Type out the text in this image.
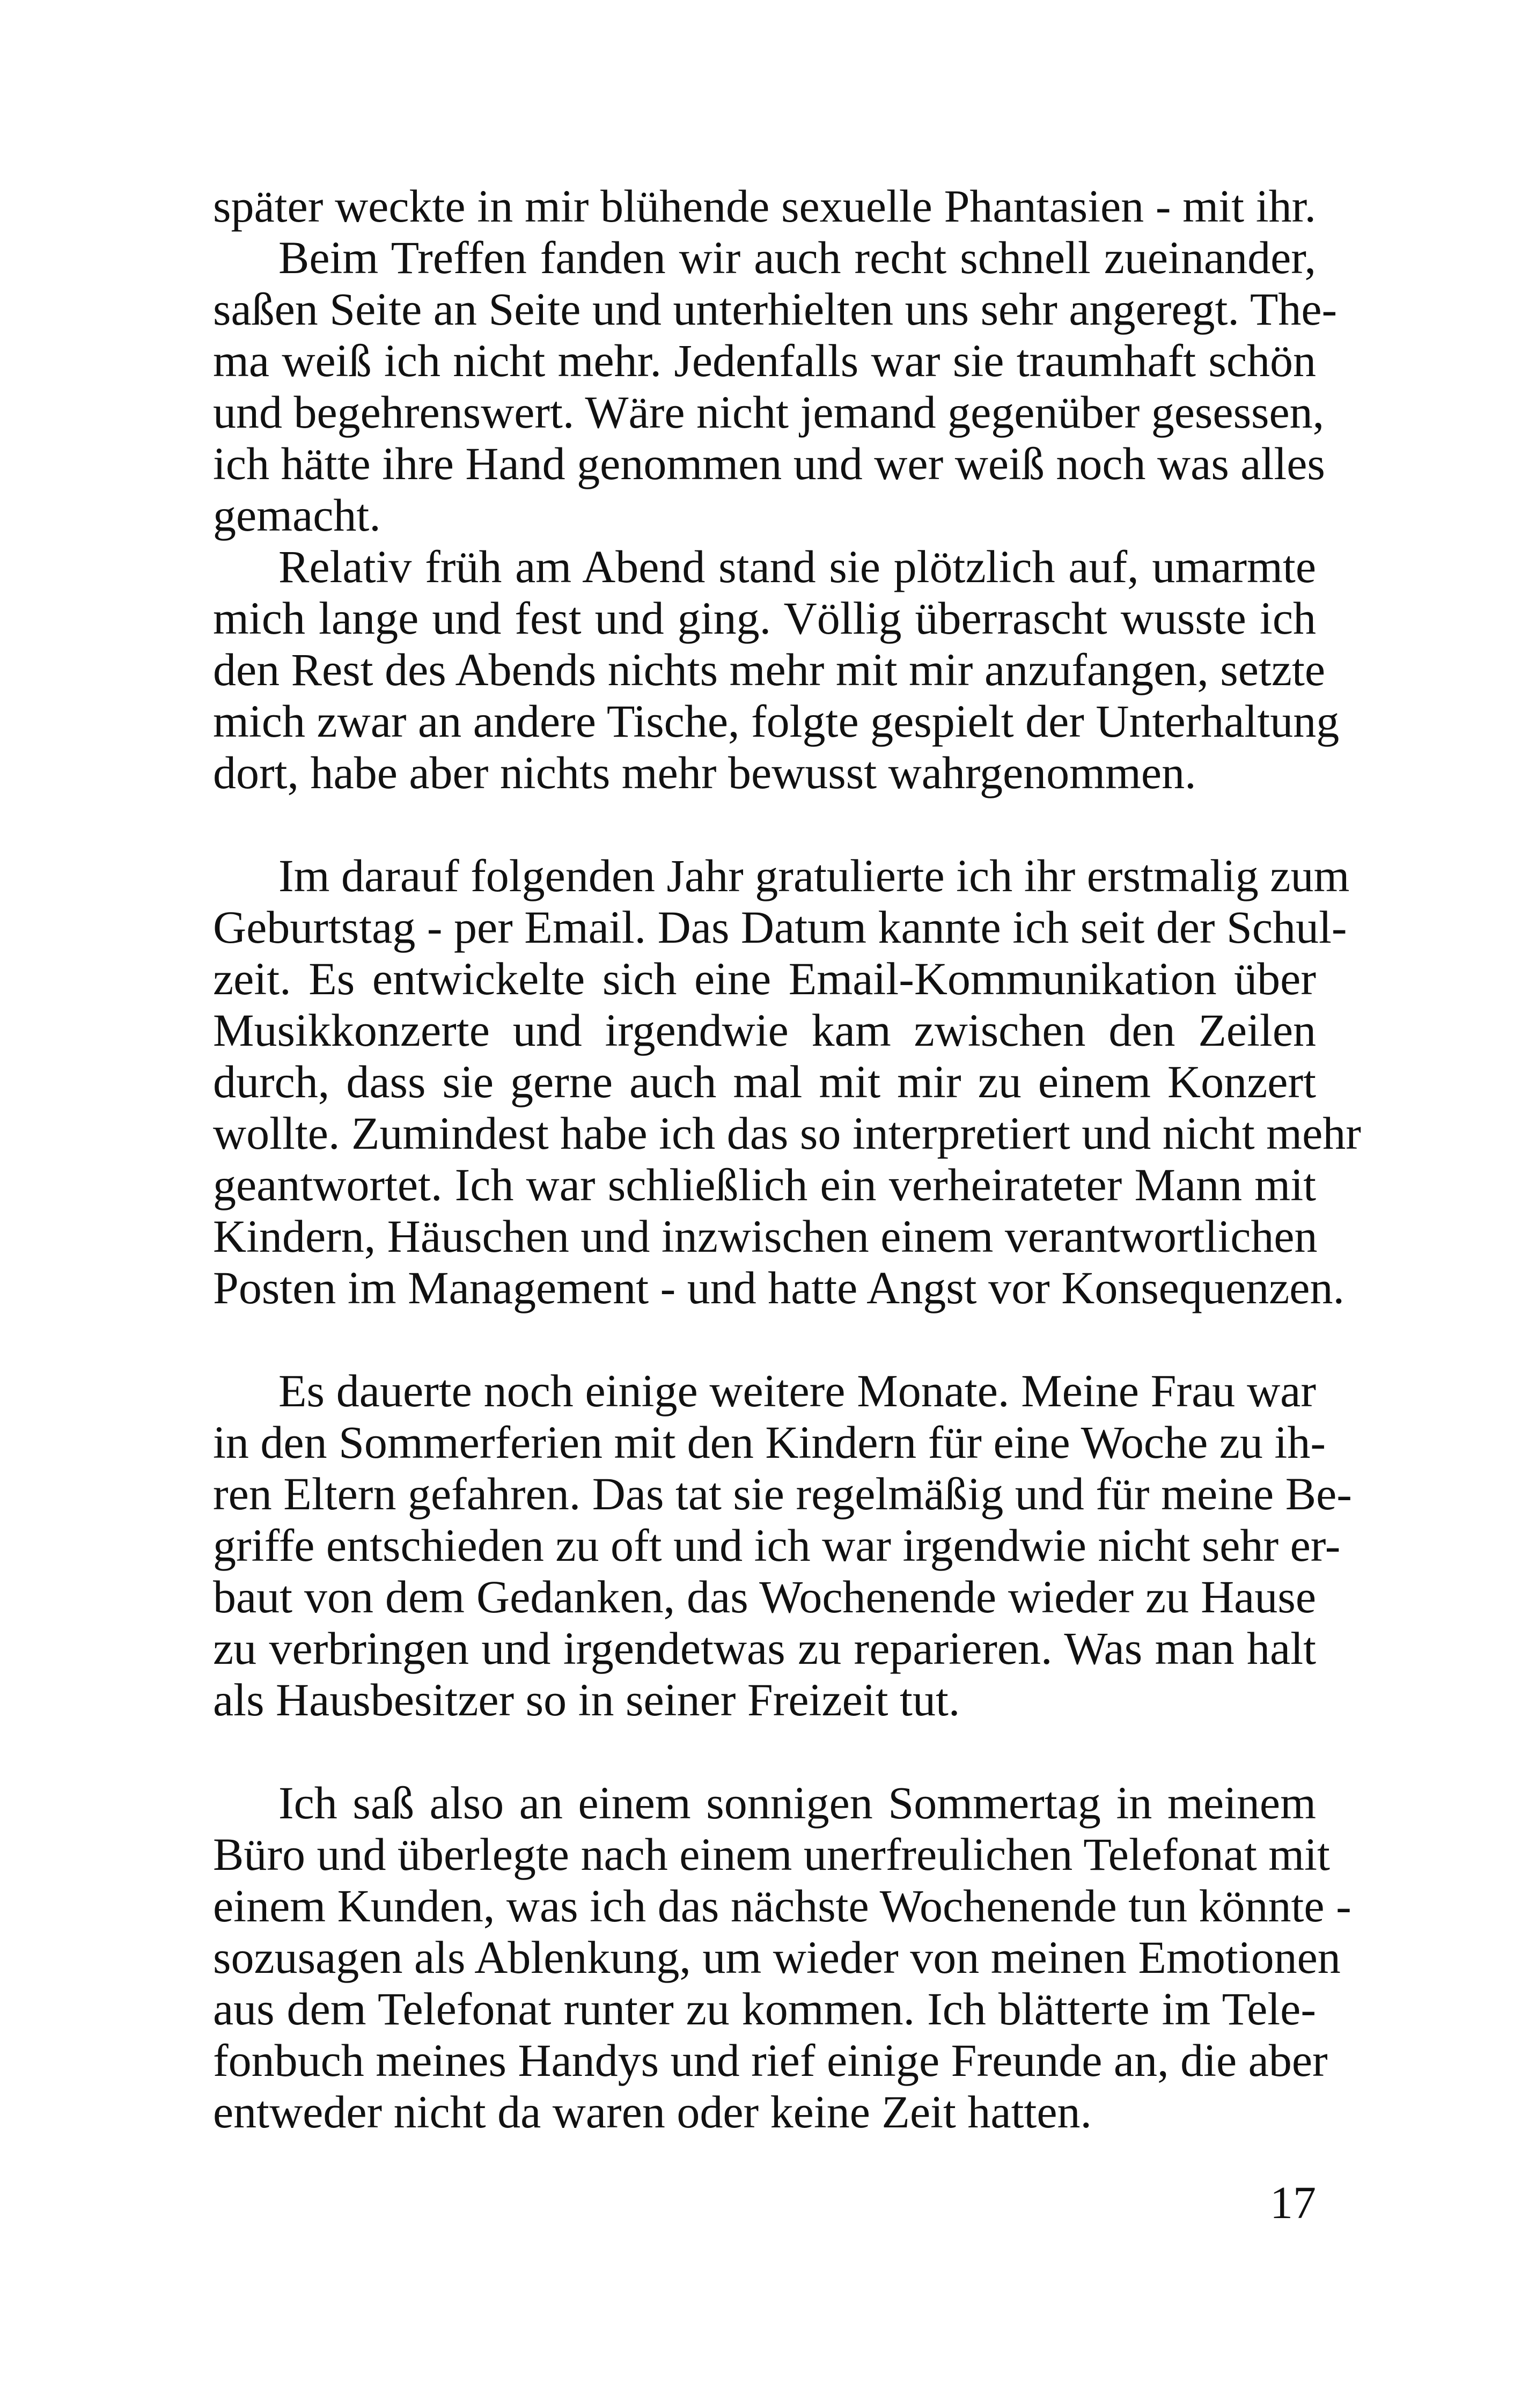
später weckte in mir blühende sexuelle Phantasien - mit ihr.
Beim Treffen fanden wir auch recht schnell zueinander,
saßen Seite an Seite und unterhielten uns sehr angeregt. The-
ma weiß ich nicht mehr. Jedenfalls war sie traumhaft schön
und begehrenswert. Wäre nicht jemand gegenüber gesessen,
ich hätte ihre Hand genommen und wer weiß noch was alles
gemacht.
Relativ früh am Abend stand sie plötzlich auf, umarmte
mich lange und fest und ging. Völlig überrascht wusste ich
den Rest des Abends nichts mehr mit mir anzufangen, setzte
mich zwar an andere Tische, folgte gespielt der Unterhaltung
dort, habe aber nichts mehr bewusst wahrgenommen.
Im darauf folgenden Jahr gratulierte ich ihr erstmalig zum
Geburtstag - per Email. Das Datum kannte ich seit der Schul-
zeit. Es entwickelte sich eine Email-Kommunikation über
Musikkonzerte und irgendwie kam zwischen den Zeilen
durch, dass sie gerne auch mal mit mir zu einem Konzert
wollte. Zumindest habe ich das so interpretiert und nicht mehr
geantwortet. Ich war schließlich ein verheirateter Mann mit
Kindern, Häuschen und inzwischen einem verantwortlichen
Posten im Management - und hatte Angst vor Konsequenzen.
Es dauerte noch einige weitere Monate. Meine Frau war
in den Sommerferien mit den Kindern für eine Woche zu ih-
ren Eltern gefahren. Das tat sie regelmäßig und für meine Be-
griffe entschieden zu oft und ich war irgendwie nicht sehr er-
baut von dem Gedanken, das Wochenende wieder zu Hause
zu verbringen und irgendetwas zu reparieren. Was man halt
als Hausbesitzer so in seiner Freizeit tut.
Ich saß also an einem sonnigen Sommertag in meinem
Büro und überlegte nach einem unerfreulichen Telefonat mit
einem Kunden, was ich das nächste Wochenende tun könnte -
sozusagen als Ablenkung, um wieder von meinen Emotionen
aus dem Telefonat runter zu kommen. Ich blätterte im Tele-
fonbuch meines Handys und rief einige Freunde an, die aber
entweder nicht da waren oder keine Zeit hatten.
17
